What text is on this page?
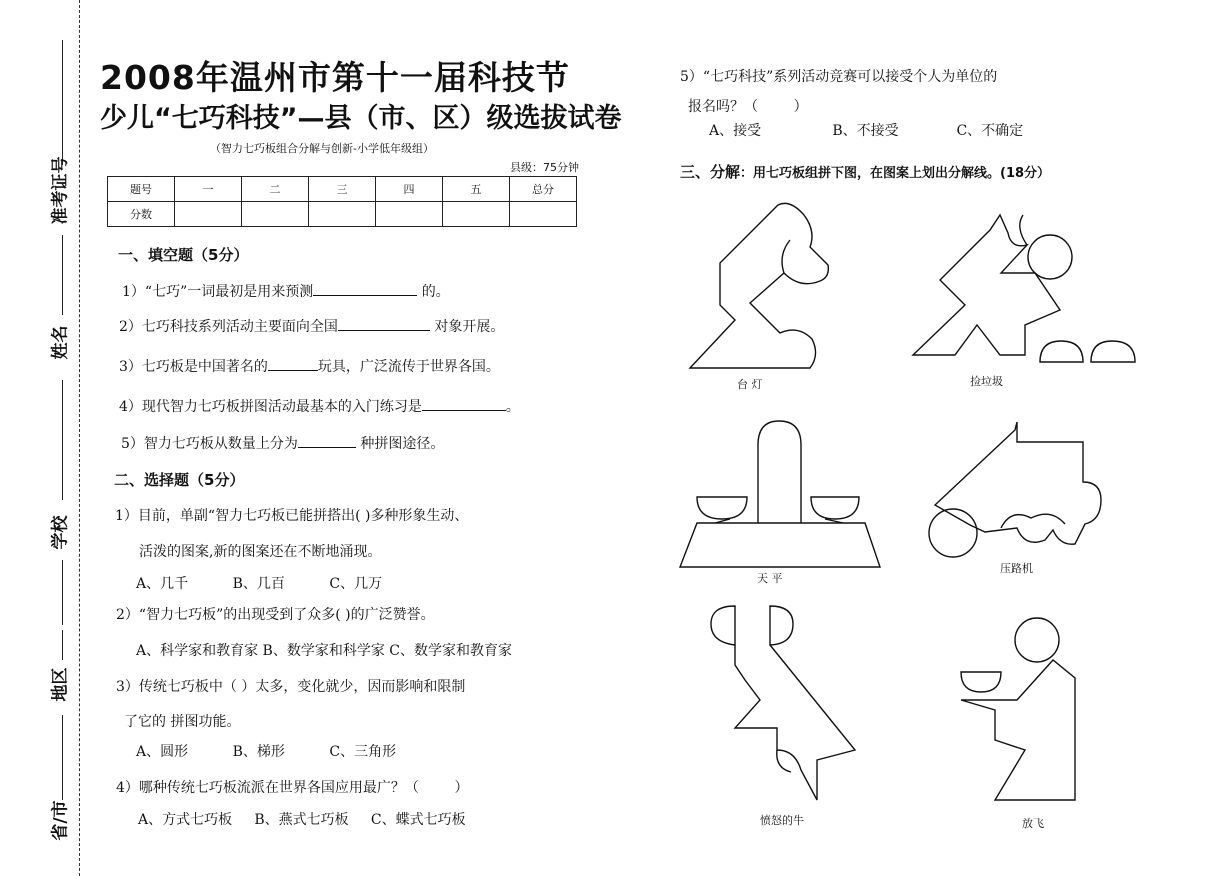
准考证号
姓名
学校
地区
省/市
2008年温州市第十一届科技节
少儿“七巧科技”—县（市、区）级选拔试卷
（智力七巧板组合分解与创新-小学低年级组）
县级：75分钟
题号	一	二	三	四	五	总分
分数						
一、填空题（5分）
1）“七巧”一词最初是用来预测	的。
2）七巧科技系列活动主要面向全国	对象开展。
3）七巧板是中国著名的	玩具，广泛流传于世界各国。
4）现代智力七巧板拼图活动最基本的入门练习是	。
5）智力七巧板从数量上分为	种拼图途径。
二、选择题（5分）
1）目前，单副“智力七巧板已能拼搭出( )多种形象生动、
活泼的图案,新的图案还在不断地涌现。
A、几千          B、几百          C、几万
2）“智力七巧板”的出现受到了众多( )的广泛赞誉。
A、科学家和教育家 B、数学家和科学家 C、数学家和教育家
3）传统七巧板中（ ）太多，变化就少，因而影响和限制
了它的 拼图功能。
A、圆形          B、梯形          C、三角形
4）哪种传统七巧板流派在世界各国应用最广？（        ）
A、方式七巧板     B、燕式七巧板     C、蝶式七巧板
5）“七巧科技”系列活动竞赛可以接受个人为单位的
报名吗？（        ）
A、接受                B、不接受             C、不确定
三、分解：用七巧板组拼下图，在图案上划出分解线。(18分）
台 灯	捡垃圾
天 平
压路机
愤怒的牛	放飞
